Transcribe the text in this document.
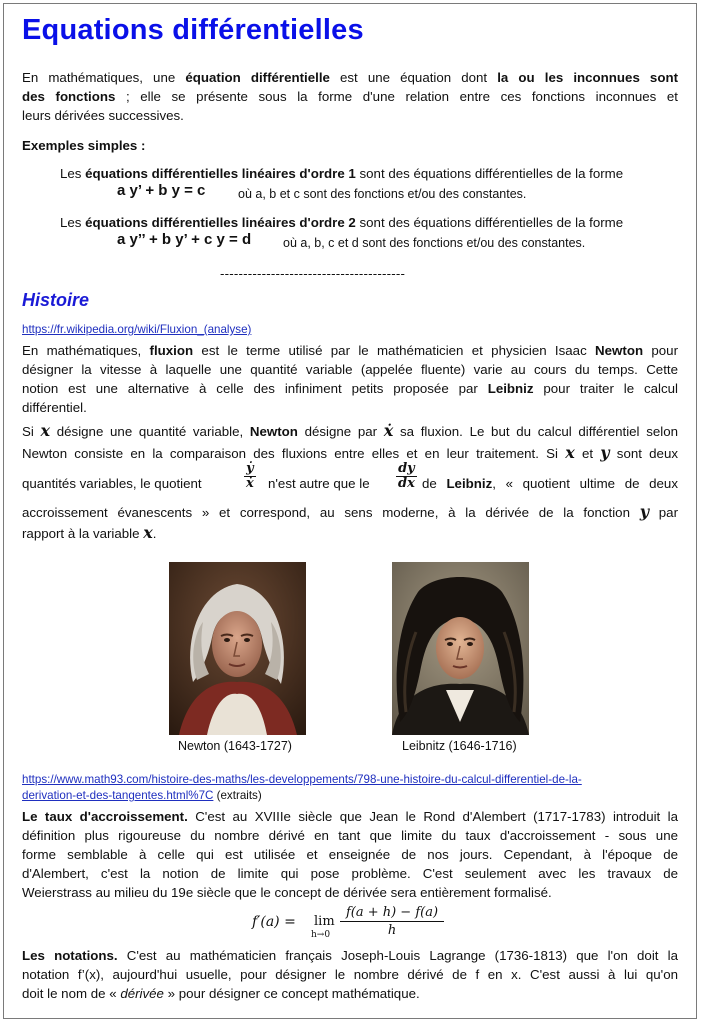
Equations différentielles
En mathématiques, une équation différentielle est une équation dont la ou les inconnues sont
des fonctions ; elle se présente sous la forme d'une relation entre ces fonctions inconnues et
leurs dérivées successives.
Exemples simples :
Les équations différentielles linéaires d'ordre 1 sont des équations différentielles de la forme
a y’ + b y = c	où a, b et c sont des fonctions et/ou des constantes.
Les équations différentielles linéaires d'ordre 2 sont des équations différentielles de la forme
a y’’ + b y’ + c y = d	où a, b, c et d sont des fonctions et/ou des constantes.
----------------------------------------
Histoire
https://fr.wikipedia.org/wiki/Fluxion_(analyse)
En mathématiques, fluxion est le terme utilisé par le mathématicien et physicien Isaac Newton pour
désigner la vitesse à laquelle une quantité variable (appelée fluente) varie au cours du temps. Cette
notion est une alternative à celle des infiniment petits proposée par Leibniz pour traiter le calcul
différentiel.
Si x désigne une quantité variable, Newton désigne par ẋ sa fluxion. Le but du calcul différentiel selon
Newton consiste en la comparaison des fluxions entre elles et en leur traitement. Si x et y sont deux
quantités variables, le quotient	$\frac{\text{ẏ}}{\text{ẋ}} n'est$ autre que le $\frac{dy}{dx}$ de Leibniz, « quotient ultime de deux
accroissement évanescents » et correspond, au sens moderne, à la dérivée de la fonction y par
rapport à la variable x.
Newton (1643-1727)	Leibnitz (1646-1716)
https://www.math93.com/histoire-des-maths/les-developpements/798-une-histoire-du-calcul-differentiel-de-la-
derivation-et-des-tangentes.html%7C (extraits)
Le taux d'accroissement. C'est au XVIIIe siècle que Jean le Rond d'Alembert (1717-1783) introduit la
définition plus rigoureuse du nombre dérivé en tant que limite du taux d'accroissement - sous une
forme semblable à celle qui est utilisée et enseignée de nos jours. Cependant, à l'époque de
d'Alembert, c'est la notion de limite qui pose problème. C'est seulement avec les travaux de
Weierstrass au milieu du 19e siècle que le concept de dérivée sera entièrement formalisé.
f′(a) = lim
$h\to 0 \frac{f(a + h) - f(a)}{h}$
Les notations. C'est au mathématicien français Joseph-Louis Lagrange (1736-1813) que l'on doit la
notation f’(x), aujourd'hui usuelle, pour désigner le nombre dérivé de f en x. C'est aussi à lui qu'on
doit le nom de « dérivée » pour désigner ce concept mathématique.
